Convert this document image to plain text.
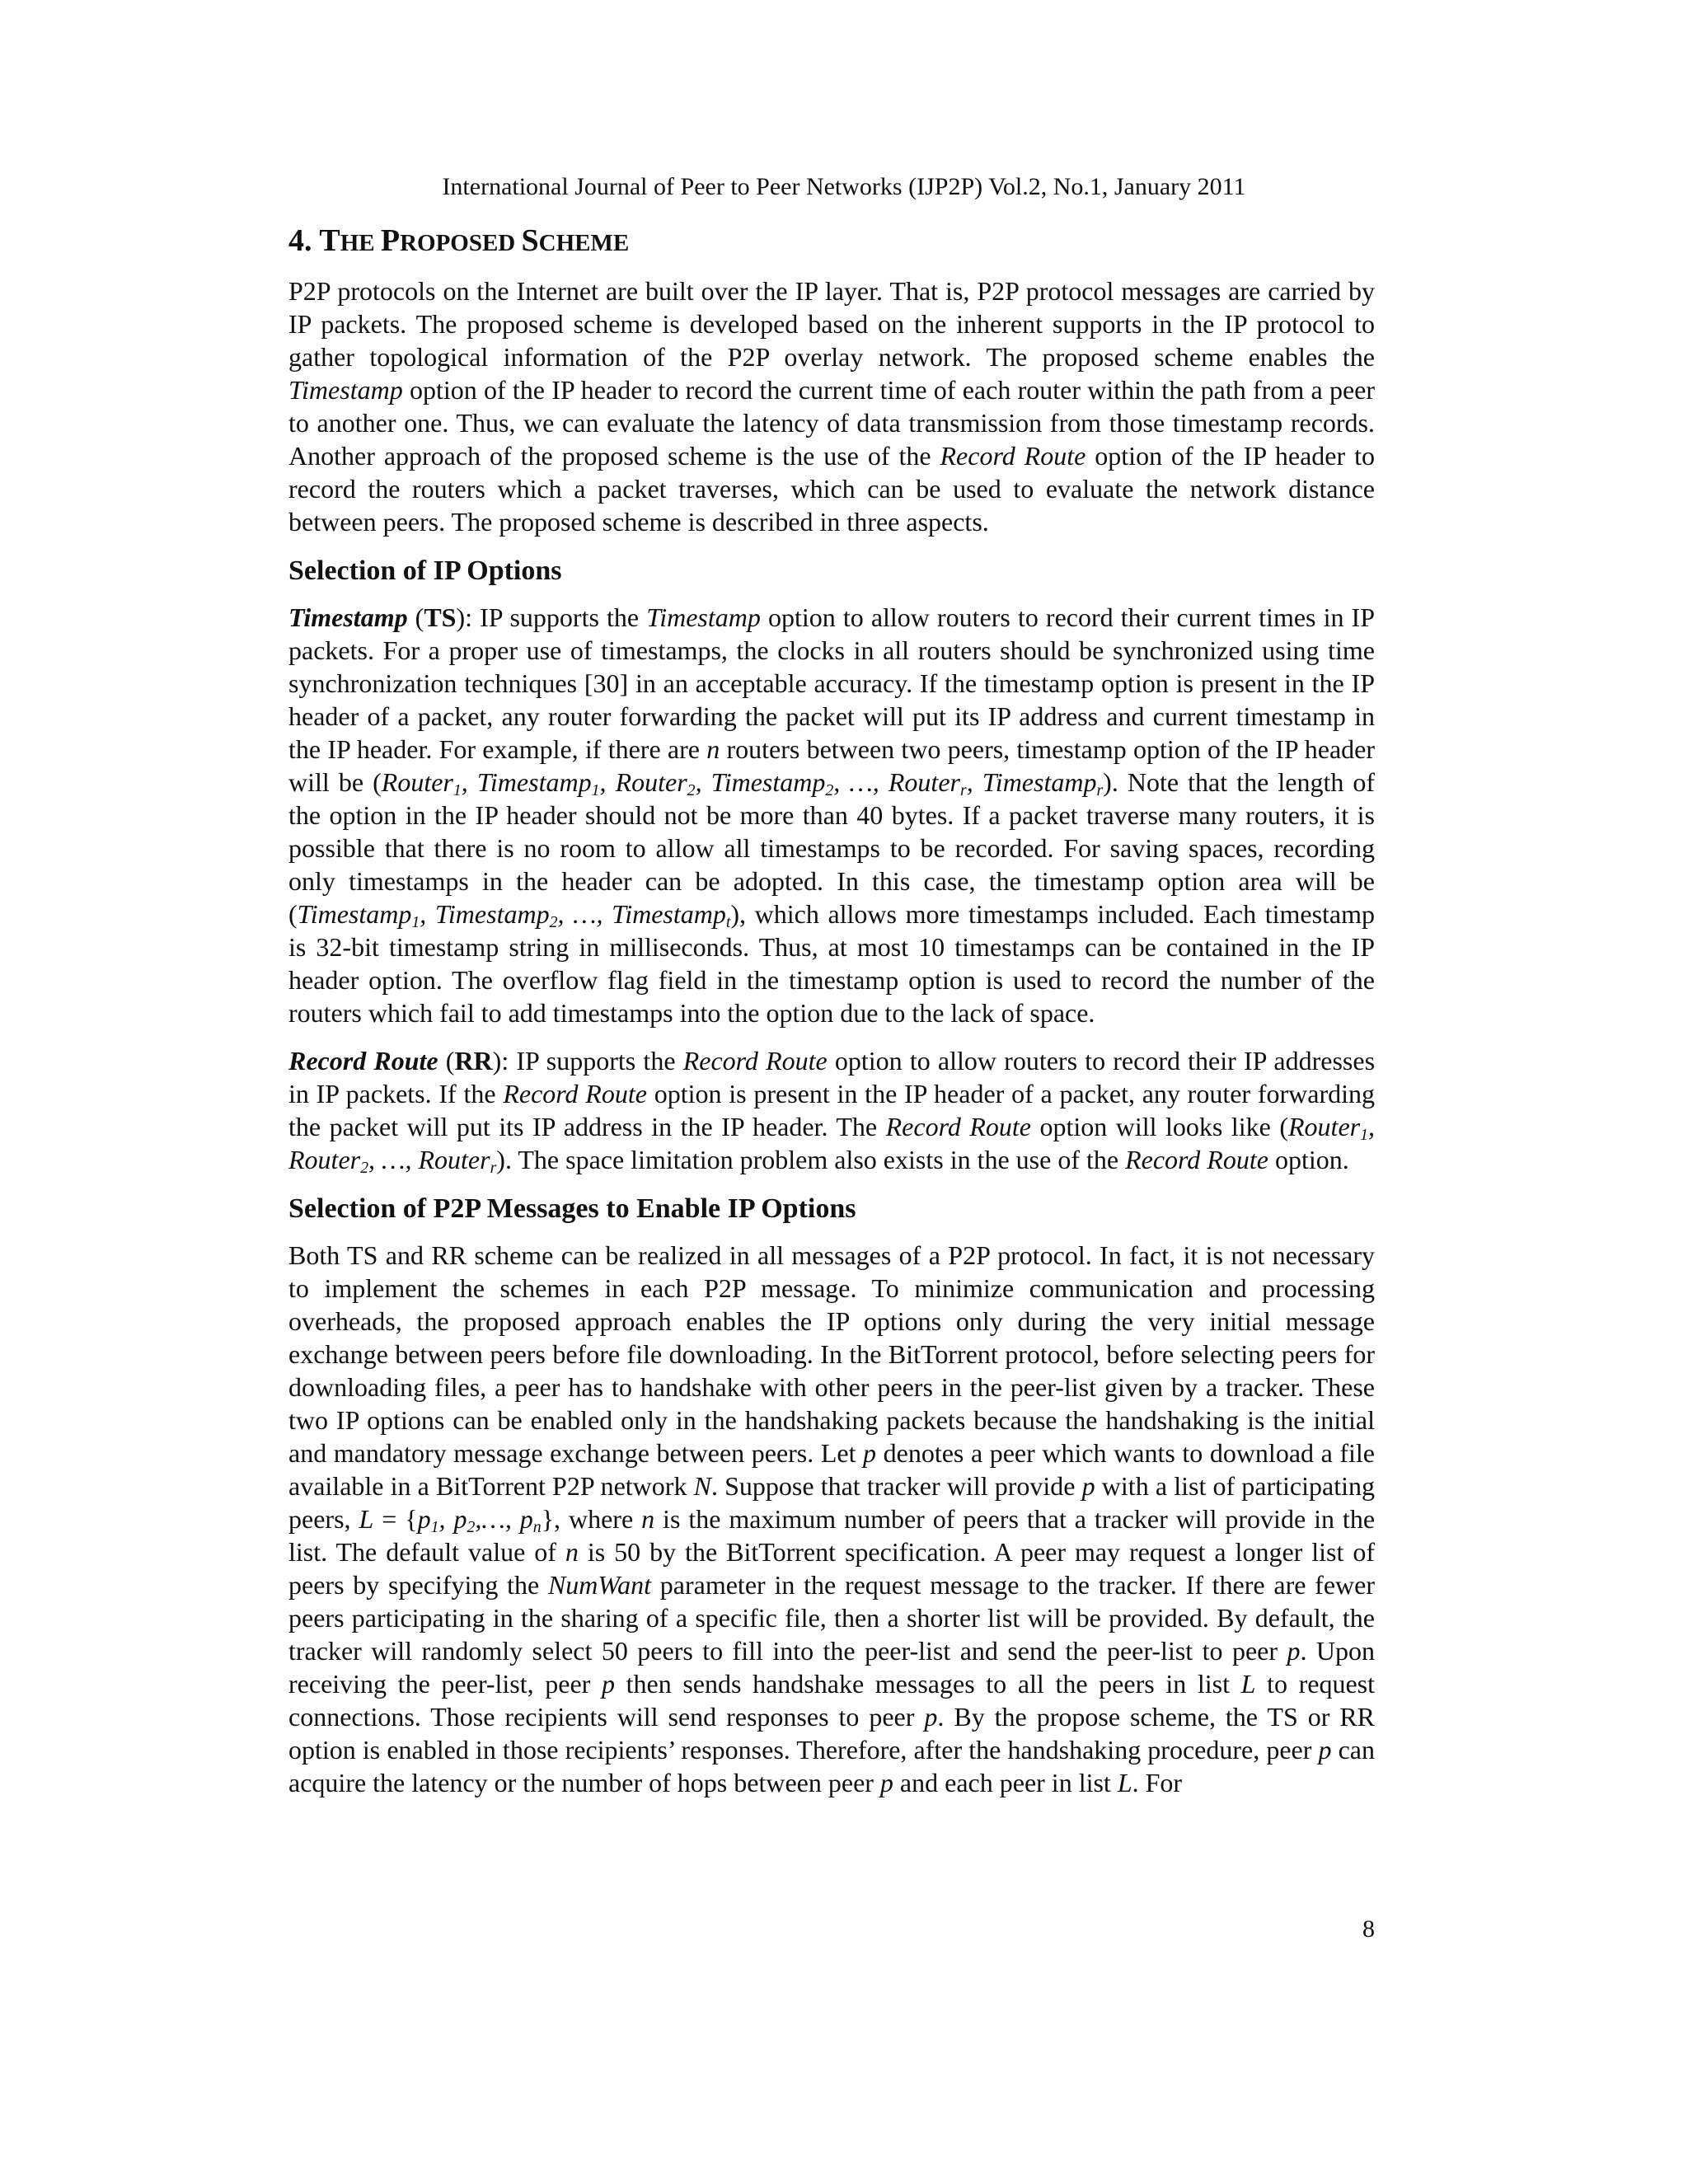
International Journal of Peer to Peer Networks (IJP2P) Vol.2, No.1, January 2011
4. THE PROPOSED SCHEME

P2P protocols on the Internet are built over the IP layer. That is, P2P protocol messages are carried by IP packets. The proposed scheme is developed based on the inherent supports in the IP protocol to gather topological information of the P2P overlay network. The proposed scheme enables the Timestamp option of the IP header to record the current time of each router within the path from a peer to another one. Thus, we can evaluate the latency of data transmission from those timestamp records. Another approach of the proposed scheme is the use of the Record Route option of the IP header to record the routers which a packet traverses, which can be used to evaluate the network distance between peers. The proposed scheme is described in three aspects.

Selection of IP Options

Timestamp (TS): IP supports the Timestamp option to allow routers to record their current times in IP packets. For a proper use of timestamps, the clocks in all routers should be synchronized using time synchronization techniques [30] in an acceptable accuracy. If the timestamp option is present in the IP header of a packet, any router forwarding the packet will put its IP address and current timestamp in the IP header. For example, if there are n routers between two peers, timestamp option of the IP header will be (Router$_1$, Timestamp$_1$, Router$_2$, Timestamp$_2$, …, Router$_r$, Timestamp$_r$). Note that the length of the option in the IP header should not be more than 40 bytes. If a packet traverse many routers, it is possible that there is no room to allow all timestamps to be recorded. For saving spaces, recording only timestamps in the header can be adopted. In this case, the timestamp option area will be (Timestamp$_1$, Timestamp$_2$, …, Timestamp$_t$), which allows more timestamps included. Each timestamp is 32-bit timestamp string in milliseconds. Thus, at most 10 timestamps can be contained in the IP header option. The overflow flag field in the timestamp option is used to record the number of the routers which fail to add timestamps into the option due to the lack of space.

Record Route (RR): IP supports the Record Route option to allow routers to record their IP addresses in IP packets. If the Record Route option is present in the IP header of a packet, any router forwarding the packet will put its IP address in the IP header. The Record Route option will looks like (Router$_1$, Router$_2$, …, Router$_r$). The space limitation problem also exists in the use of the Record Route option.

Selection of P2P Messages to Enable IP Options

Both TS and RR scheme can be realized in all messages of a P2P protocol. In fact, it is not necessary to implement the schemes in each P2P message. To minimize communication and processing overheads, the proposed approach enables the IP options only during the very initial message exchange between peers before file downloading. In the BitTorrent protocol, before selecting peers for downloading files, a peer has to handshake with other peers in the peer-list given by a tracker. These two IP options can be enabled only in the handshaking packets because the handshaking is the initial and mandatory message exchange between peers. Let p denotes a peer which wants to download a file available in a BitTorrent P2P network N. Suppose that tracker will provide p with a list of participating peers, $L = \{p_1$, $p_2,\dots$, $p_n$}, where n is the maximum number of peers that a tracker will provide in the list. The default value of n is 50 by the BitTorrent specification. A peer may request a longer list of peers by specifying the NumWant parameter in the request message to the tracker. If there are fewer peers participating in the sharing of a specific file, then a shorter list will be provided. By default, the tracker will randomly select 50 peers to fill into the peer-list and send the peer-list to peer p. Upon receiving the peer-list, peer p then sends handshake messages to all the peers in list L to request connections. Those recipients will send responses to peer p. By the propose scheme, the TS or RR option is enabled in those recipients’ responses. Therefore, after the handshaking procedure, peer p can acquire the latency or the number of hops between peer p and each peer in list L. For

8
